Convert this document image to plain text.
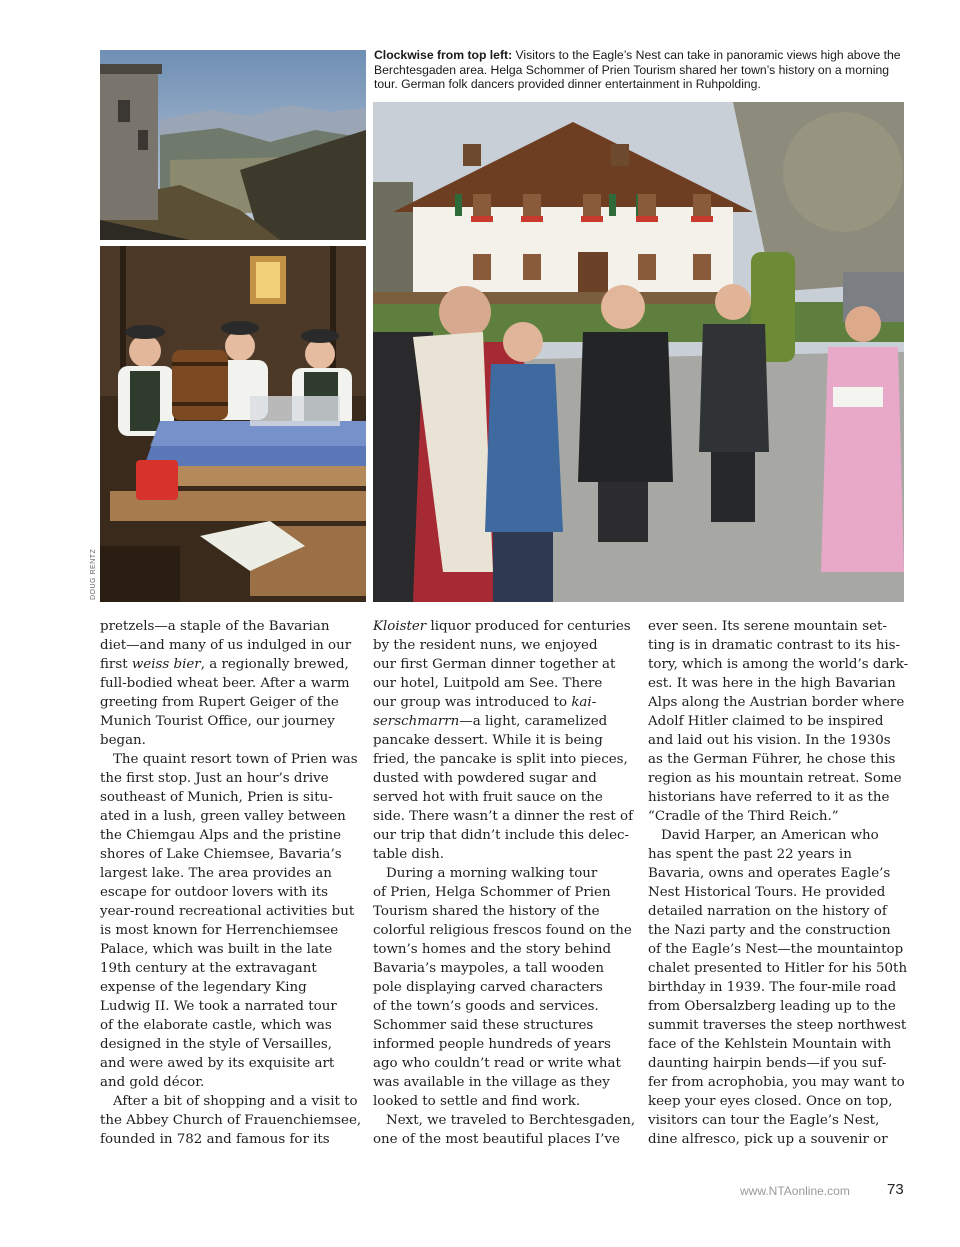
Clockwise from top left: Visitors to the Eagle’s Nest can take in panoramic views high above the Berchtesgaden area. Helga Schommer of Prien Tourism shared her town’s history on a morning tour. German folk dancers provided dinner entertainment in Ruhpolding.

DOUG RENTZ

pretzels—a staple of the Bavarian
diet—and many of us indulged in our
first weiss bier, a regionally brewed,
full-bodied wheat beer. After a warm
greeting from Rupert Geiger of the
Munich Tourist Office, our journey
began.

The quaint resort town of Prien was
the first stop. Just an hour’s drive
southeast of Munich, Prien is situ-
ated in a lush, green valley between
the Chiemgau Alps and the pristine
shores of Lake Chiemsee, Bavaria’s
largest lake. The area provides an
escape for outdoor lovers with its
year-round recreational activities but
is most known for Herrenchiemsee
Palace, which was built in the late
19th century at the extravagant
expense of the legendary King
Ludwig II. We took a narrated tour
of the elaborate castle, which was
designed in the style of Versailles,
and were awed by its exquisite art
and gold décor.

After a bit of shopping and a visit to
the Abbey Church of Frauenchiemsee,
founded in 782 and famous for its

Kloister liquor produced for centuries
by the resident nuns, we enjoyed
our first German dinner together at
our hotel, Luitpold am See. There
our group was introduced to kai-
serschmarrn—a light, caramelized
pancake dessert. While it is being
fried, the pancake is split into pieces,
dusted with powdered sugar and
served hot with fruit sauce on the
side. There wasn’t a dinner the rest of
our trip that didn’t include this delec-
table dish.

During a morning walking tour
of Prien, Helga Schommer of Prien
Tourism shared the history of the
colorful religious frescos found on the
town’s homes and the story behind
Bavaria’s maypoles, a tall wooden
pole displaying carved characters
of the town’s goods and services.
Schommer said these structures
informed people hundreds of years
ago who couldn’t read or write what
was available in the village as they
looked to settle and find work.

Next, we traveled to Berchtesgaden,
one of the most beautiful places I’ve

ever seen. Its serene mountain set-
ting is in dramatic contrast to its his-
tory, which is among the world’s dark-
est. It was here in the high Bavarian
Alps along the Austrian border where
Adolf Hitler claimed to be inspired
and laid out his vision. In the 1930s
as the German Führer, he chose this
region as his mountain retreat. Some
historians have referred to it as the
“Cradle of the Third Reich.”

David Harper, an American who
has spent the past 22 years in
Bavaria, owns and operates Eagle’s
Nest Historical Tours. He provided
detailed narration on the history of
the Nazi party and the construction
of the Eagle’s Nest—the mountaintop
chalet presented to Hitler for his 50th
birthday in 1939. The four-mile road
from Obersalzberg leading up to the
summit traverses the steep northwest
face of the Kehlstein Mountain with
daunting hairpin bends—if you suf-
fer from acrophobia, you may want to
keep your eyes closed. Once on top,
visitors can tour the Eagle’s Nest,
dine alfresco, pick up a souvenir or

www.NTAonline.com 73
